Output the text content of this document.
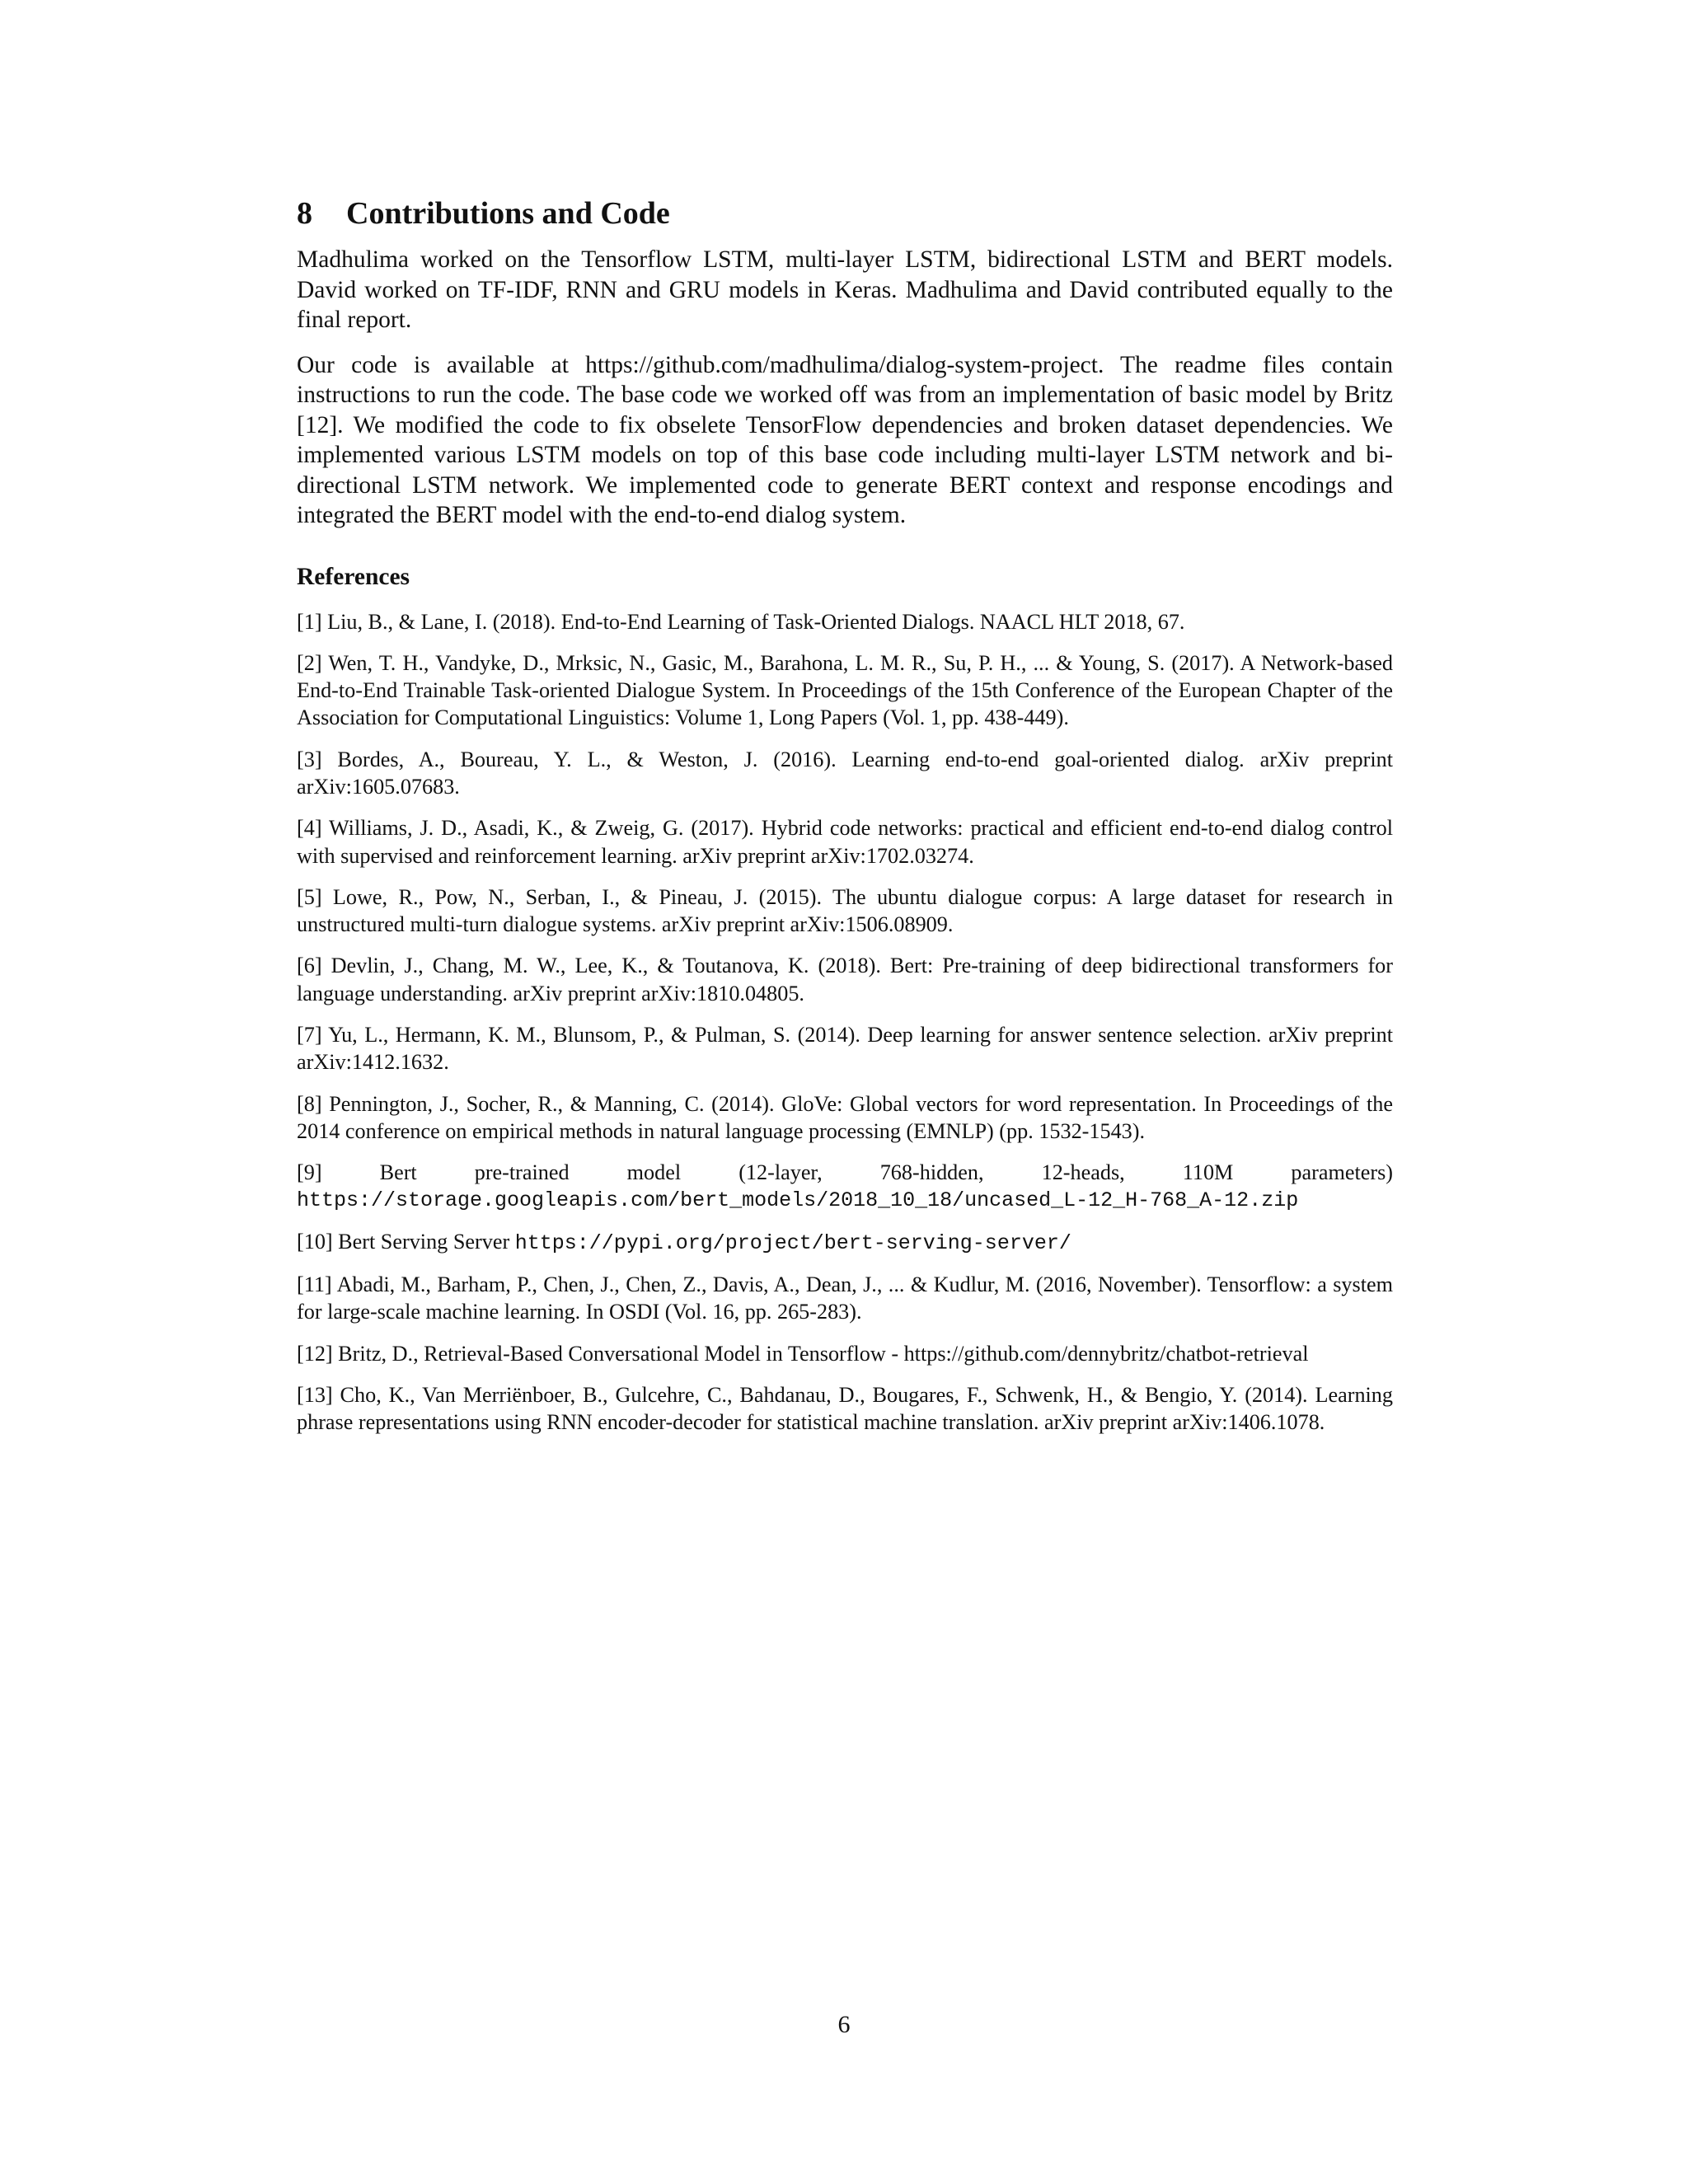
8	Contributions and Code

Madhulima worked on the Tensorflow LSTM, multi-layer LSTM, bidirectional LSTM and BERT models. David worked on TF-IDF, RNN and GRU models in Keras. Madhulima and David contributed equally to the final report.

Our code is available at https://github.com/madhulima/dialog-system-project. The readme files contain instructions to run the code. The base code we worked off was from an implementation of basic model by Britz [12]. We modified the code to fix obselete TensorFlow dependencies and broken dataset dependencies. We implemented various LSTM models on top of this base code including multi-layer LSTM network and bi-directional LSTM network. We implemented code to generate BERT context and response encodings and integrated the BERT model with the end-to-end dialog system.

References

[1] Liu, B., & Lane, I. (2018). End-to-End Learning of Task-Oriented Dialogs. NAACL HLT 2018, 67.

[2] Wen, T. H., Vandyke, D., Mrksic, N., Gasic, M., Barahona, L. M. R., Su, P. H., ... & Young, S. (2017). A Network-based End-to-End Trainable Task-oriented Dialogue System. In Proceedings of the 15th Conference of the European Chapter of the Association for Computational Linguistics: Volume 1, Long Papers (Vol. 1, pp. 438-449).

[3] Bordes, A., Boureau, Y. L., & Weston, J. (2016). Learning end-to-end goal-oriented dialog. arXiv preprint arXiv:1605.07683.

[4] Williams, J. D., Asadi, K., & Zweig, G. (2017). Hybrid code networks: practical and efficient end-to-end dialog control with supervised and reinforcement learning. arXiv preprint arXiv:1702.03274.

[5] Lowe, R., Pow, N., Serban, I., & Pineau, J. (2015). The ubuntu dialogue corpus: A large dataset for research in unstructured multi-turn dialogue systems. arXiv preprint arXiv:1506.08909.

[6] Devlin, J., Chang, M. W., Lee, K., & Toutanova, K. (2018). Bert: Pre-training of deep bidirectional transformers for language understanding. arXiv preprint arXiv:1810.04805.

[7] Yu, L., Hermann, K. M., Blunsom, P., & Pulman, S. (2014). Deep learning for answer sentence selection. arXiv preprint arXiv:1412.1632.

[8] Pennington, J., Socher, R., & Manning, C. (2014). GloVe: Global vectors for word representation. In Proceedings of the 2014 conference on empirical methods in natural language processing (EMNLP) (pp. 1532-1543).

[9] Bert pre-trained model (12-layer, 768-hidden, 12-heads, 110M parameters)
https://storage.googleapis.com/bert_models/2018_10_18/uncased_L-12_H-768_A-12.zip

[10] Bert Serving Server https://pypi.org/project/bert-serving-server/

[11] Abadi, M., Barham, P., Chen, J., Chen, Z., Davis, A., Dean, J., ... & Kudlur, M. (2016, November). Tensorflow: a system for large-scale machine learning. In OSDI (Vol. 16, pp. 265-283).

[12] Britz, D., Retrieval-Based Conversational Model in Tensorflow - https://github.com/dennybritz/chatbot-retrieval

[13] Cho, K., Van Merriënboer, B., Gulcehre, C., Bahdanau, D., Bougares, F., Schwenk, H., & Bengio, Y. (2014). Learning phrase representations using RNN encoder-decoder for statistical machine translation. arXiv preprint arXiv:1406.1078.

6
